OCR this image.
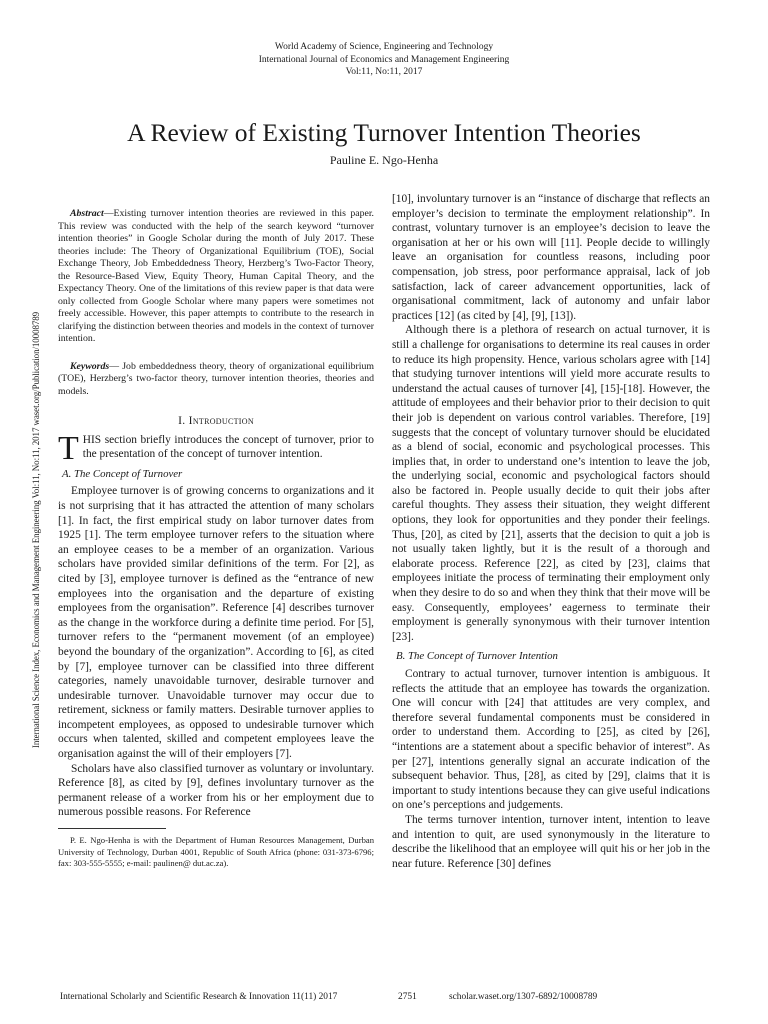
World Academy of Science, Engineering and Technology
International Journal of Economics and Management Engineering
Vol:11, No:11, 2017
A Review of Existing Turnover Intention Theories
Pauline E. Ngo-Henha
International Science Index, Economics and Management Engineering Vol:11, No:11, 2017 waset.org/Publication/10008789

Abstract—Existing turnover intention theories are reviewed in this paper. This review was conducted with the help of the search keyword “turnover intention theories” in Google Scholar during the month of July 2017. These theories include: The Theory of Organizational Equilibrium (TOE), Social Exchange Theory, Job Embeddedness Theory, Herzberg’s Two-Factor Theory, the Resource-Based View, Equity Theory, Human Capital Theory, and the Expectancy Theory. One of the limitations of this review paper is that data were only collected from Google Scholar where many papers were sometimes not freely accessible. However, this paper attempts to contribute to the research in clarifying the distinction between theories and models in the context of turnover intention.

Keywords— Job embeddedness theory, theory of organizational equilibrium (TOE), Herzberg’s two-factor theory, turnover intention theories, theories and models.

I. Introduction

THIS section briefly introduces the concept of turnover, prior to the presentation of the concept of turnover intention.

A. The Concept of Turnover

Employee turnover is of growing concerns to organizations and it is not surprising that it has attracted the attention of many scholars [1]. In fact, the first empirical study on labor turnover dates from 1925 [1]. The term employee turnover refers to the situation where an employee ceases to be a member of an organization. Various scholars have provided similar definitions of the term. For [2], as cited by [3], employee turnover is defined as the “entrance of new employees into the organisation and the departure of existing employees from the organisation”. Reference [4] describes turnover as the change in the workforce during a definite time period. For [5], turnover refers to the “permanent movement (of an employee) beyond the boundary of the organization”. According to [6], as cited by [7], employee turnover can be classified into three different categories, namely unavoidable turnover, desirable turnover and undesirable turnover. Unavoidable turnover may occur due to retirement, sickness or family matters. Desirable turnover applies to incompetent employees, as opposed to undesirable turnover which occurs when talented, skilled and competent employees leave the organisation against the will of their employers [7].

Scholars have also classified turnover as voluntary or involuntary. Reference [8], as cited by [9], defines involuntary turnover as the permanent release of a worker from his or her employment due to numerous possible reasons. For Reference

P. E. Ngo-Henha is with the Department of Human Resources Management, Durban University of Technology, Durban 4001, Republic of South Africa (phone: 031-373-6796; fax: 303-555-5555; e-mail: paulinen@ dut.ac.za).

[10], involuntary turnover is an “instance of discharge that reflects an employer’s decision to terminate the employment relationship”. In contrast, voluntary turnover is an employee’s decision to leave the organisation at her or his own will [11]. People decide to willingly leave an organisation for countless reasons, including poor compensation, job stress, poor performance appraisal, lack of job satisfaction, lack of career advancement opportunities, lack of organisational commitment, lack of autonomy and unfair labor practices [12] (as cited by [4], [9], [13]).

Although there is a plethora of research on actual turnover, it is still a challenge for organisations to determine its real causes in order to reduce its high propensity. Hence, various scholars agree with [14] that studying turnover intentions will yield more accurate results to understand the actual causes of turnover [4], [15]-[18]. However, the attitude of employees and their behavior prior to their decision to quit their job is dependent on various control variables. Therefore, [19] suggests that the concept of voluntary turnover should be elucidated as a blend of social, economic and psychological processes. This implies that, in order to understand one’s intention to leave the job, the underlying social, economic and psychological factors should also be factored in. People usually decide to quit their jobs after careful thoughts. They assess their situation, they weight different options, they look for opportunities and they ponder their feelings. Thus, [20], as cited by [21], asserts that the decision to quit a job is not usually taken lightly, but it is the result of a thorough and elaborate process. Reference [22], as cited by [23], claims that employees initiate the process of terminating their employment only when they desire to do so and when they think that their move will be easy. Consequently, employees’ eagerness to terminate their employment is generally synonymous with their turnover intention [23].

B. The Concept of Turnover Intention

Contrary to actual turnover, turnover intention is ambiguous. It reflects the attitude that an employee has towards the organization. One will concur with [24] that attitudes are very complex, and therefore several fundamental components must be considered in order to understand them. According to [25], as cited by [26], “intentions are a statement about a specific behavior of interest”. As per [27], intentions generally signal an accurate indication of the subsequent behavior. Thus, [28], as cited by [29], claims that it is important to study intentions because they can give useful indications on one’s perceptions and judgements.

The terms turnover intention, turnover intent, intention to leave and intention to quit, are used synonymously in the literature to describe the likelihood that an employee will quit his or her job in the near future. Reference [30] defines

International Scholarly and Scientific Research & Innovation 11(11) 2017	2751	scholar.waset.org/1307-6892/10008789
